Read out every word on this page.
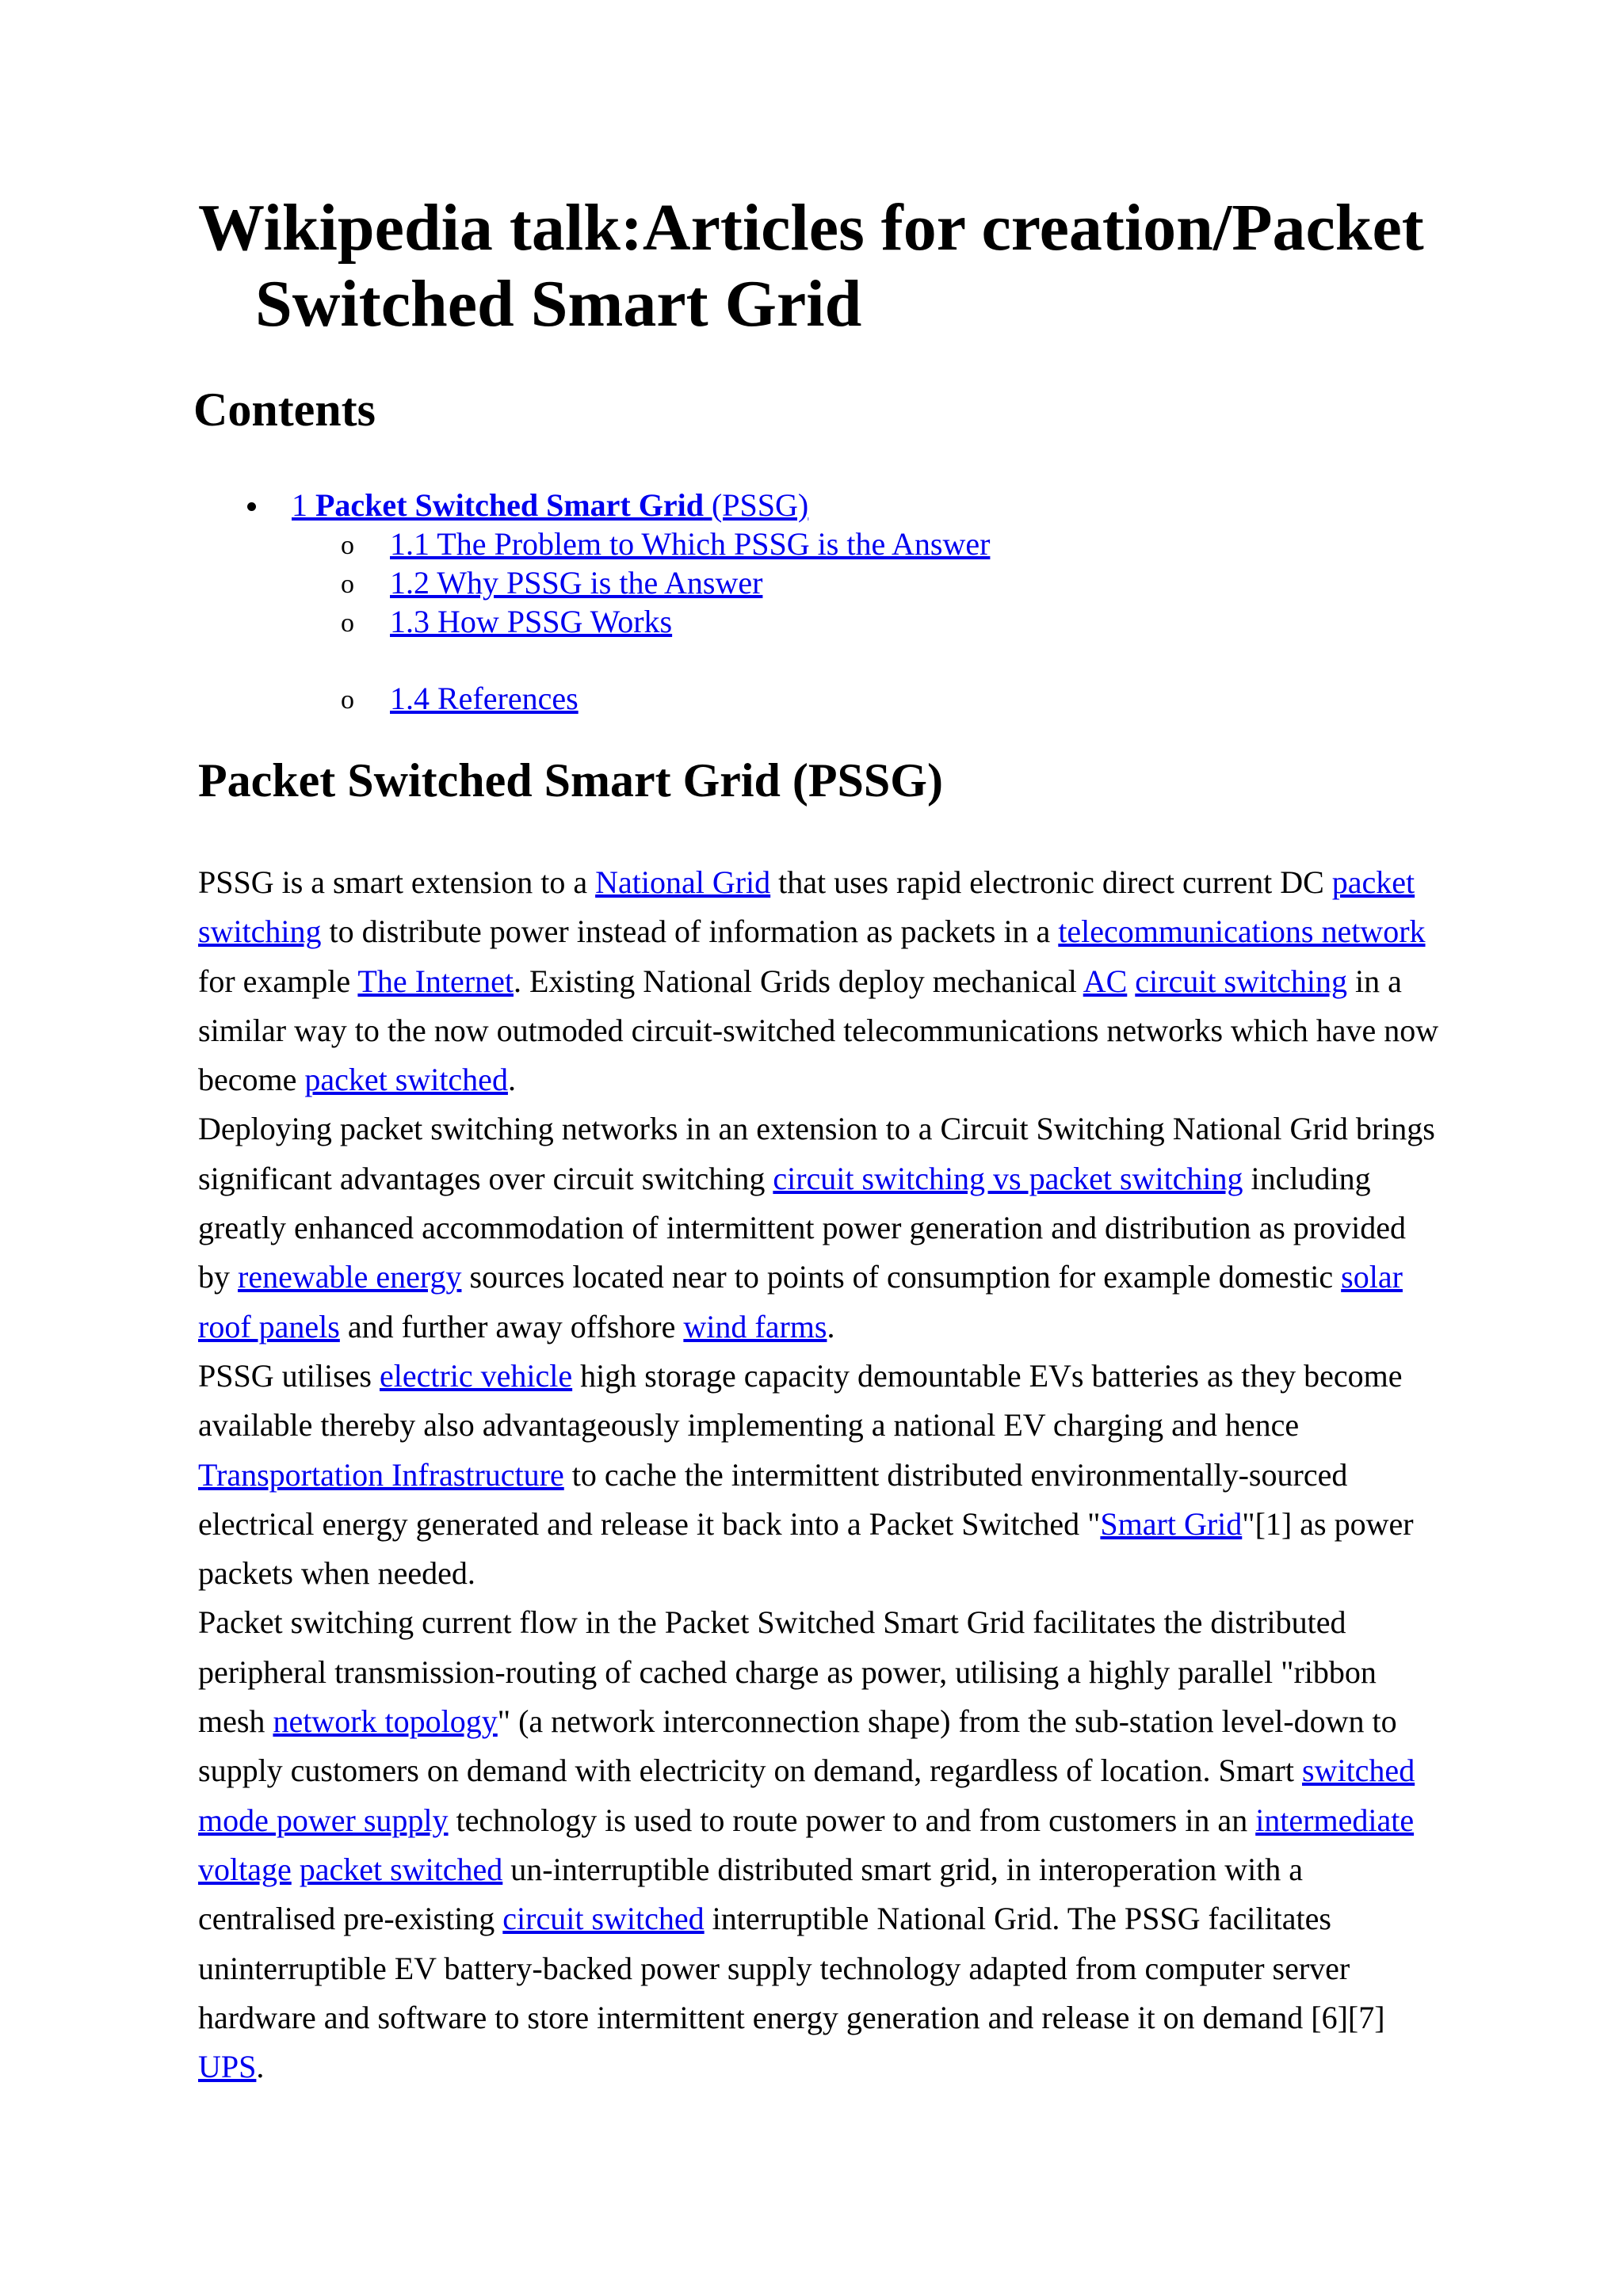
Wikipedia talk:Articles for creation/Packet Switched Smart Grid
Contents
1 Packet Switched Smart Grid (PSSG)
o 1.1 The Problem to Which PSSG is the Answer
o 1.2 Why PSSG is the Answer
o 1.3 How PSSG Works
o 1.4 References
Packet Switched Smart Grid (PSSG)

PSSG is a smart extension to a National Grid that uses rapid electronic direct current DC packet switching to distribute power instead of information as packets in a telecommunications network for example The Internet. Existing National Grids deploy mechanical AC circuit switching in a similar way to the now outmoded circuit-switched telecommunications networks which have now become packet switched.

Deploying packet switching networks in an extension to a Circuit Switching National Grid brings significant advantages over circuit switching circuit switching vs packet switching including greatly enhanced accommodation of intermittent power generation and distribution as provided by renewable energy sources located near to points of consumption for example domestic solar roof panels and further away offshore wind farms.

PSSG utilises electric vehicle high storage capacity demountable EVs batteries as they become available thereby also advantageously implementing a national EV charging and hence Transportation Infrastructure to cache the intermittent distributed environmentally-sourced electrical energy generated and release it back into a Packet Switched "Smart Grid"[1] as power packets when needed.

Packet switching current flow in the Packet Switched Smart Grid facilitates the distributed peripheral transmission-routing of cached charge as power, utilising a highly parallel "ribbon mesh network topology" (a network interconnection shape) from the sub-station level-down to supply customers on demand with electricity on demand, regardless of location. Smart switched mode power supply technology is used to route power to and from customers in an intermediate voltage packet switched un-interruptible distributed smart grid, in interoperation with a centralised pre-existing circuit switched interruptible National Grid. The PSSG facilitates uninterruptible EV battery-backed power supply technology adapted from computer server hardware and software to store intermittent energy generation and release it on demand [6][7] UPS.
